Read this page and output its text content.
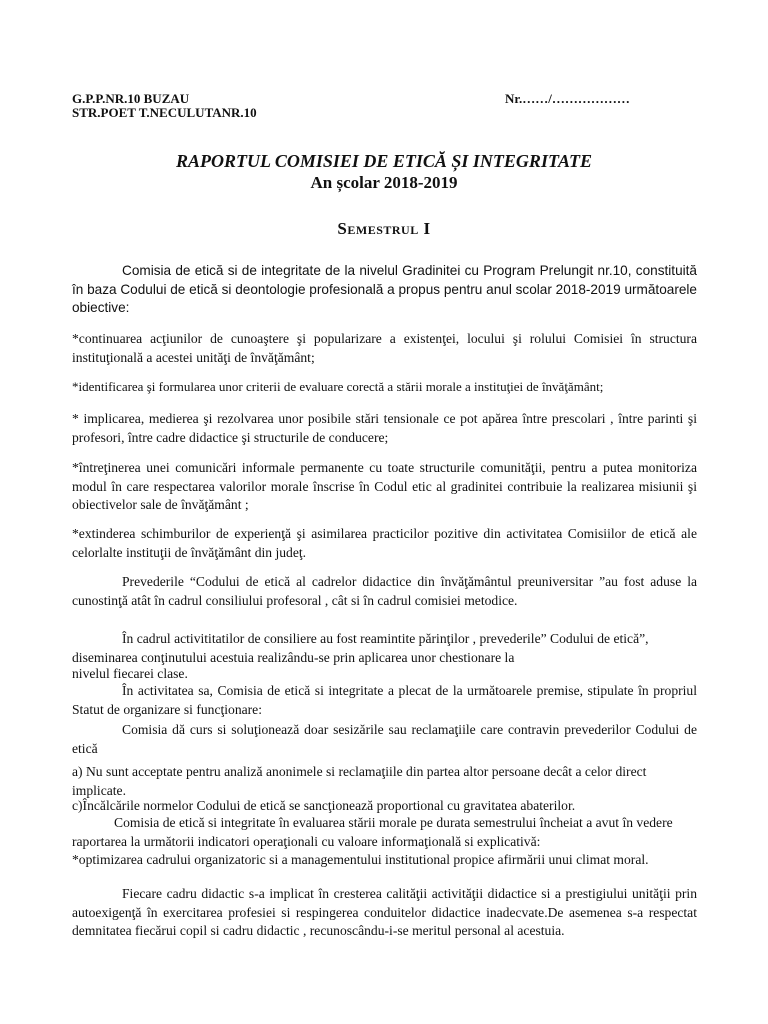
G.P.P.NR.10 BUZAU
STR.POET T.NECULUTANR.10
Nr.……/………………
RAPORTUL COMISIEI DE ETICĂ ȘI INTEGRITATE
An școlar 2018-2019
Semestrul I
Comisia de etică si de integritate de la nivelul Gradinitei cu Program Prelungit nr.10, constituită în baza Codului de etică si deontologie profesională a propus pentru anul scolar 2018-2019 următoarele obiective:
*continuarea acţiunilor de cunoaştere şi popularizare a existenţei, locului şi rolului Comisiei în structura instituţională a acestei unităţi de învăţământ;
*identificarea şi formularea unor criterii de evaluare corectă a stării morale a instituţiei de învăţământ;
* implicarea, medierea şi rezolvarea unor posibile stări tensionale ce pot apărea între prescolari , între parinti şi profesori, între cadre didactice şi structurile de conducere;
*întreţinerea unei comunicări informale permanente cu toate structurile comunităţii, pentru a putea monitoriza modul în care respectarea valorilor morale înscrise în Codul etic al gradinitei contribuie la realizarea misiunii şi obiectivelor sale de învăţământ ;
*extinderea schimburilor de experienţă şi asimilarea practicilor pozitive din activitatea Comisiilor de etică ale celorlalte instituţii de învăţământ din judeţ.
Prevederile “Codului de etică al cadrelor didactice din învăţământul preuniversitar ”au fost aduse la cunostinţă atât în cadrul consiliului profesoral , cât si în cadrul comisiei metodice.
În cadrul activititatilor de consiliere au fost reamintite părinţilor , prevederile” Codului de etică”, diseminarea conţinutului acestuia realizându-se prin aplicarea unor chestionare la
nivelul fiecarei clase.
În activitatea sa, Comisia de etică si integritate a plecat de la următoarele premise, stipulate în propriul Statut de organizare si funcţionare:
Comisia dă curs si soluţionează doar sesizările sau reclamaţiile care contravin prevederilor Codului de etică
a) Nu sunt acceptate pentru analiză anonimele si reclamaţiile din partea altor persoane decât a celor direct implicate.
c)Încălcările normelor Codului de etică se sancţionează proportional cu gravitatea abaterilor.
Comisia de etică si integritate în evaluarea stării morale pe durata semestrului încheiat a avut în vedere raportarea la următorii indicatori operaţionali cu valoare informaţională si explicativă:
*optimizarea cadrului organizatoric si a managementului institutional propice afirmării unui climat moral.
Fiecare cadru didactic s-a implicat în cresterea calităţii activităţii didactice si a prestigiului unităţii prin autoexigenţă în exercitarea profesiei si respingerea conduitelor didactice inadecvate.De asemenea s-a respectat demnitatea fiecărui copil si cadru didactic , recunoscându-i-se meritul personal al acestuia.
